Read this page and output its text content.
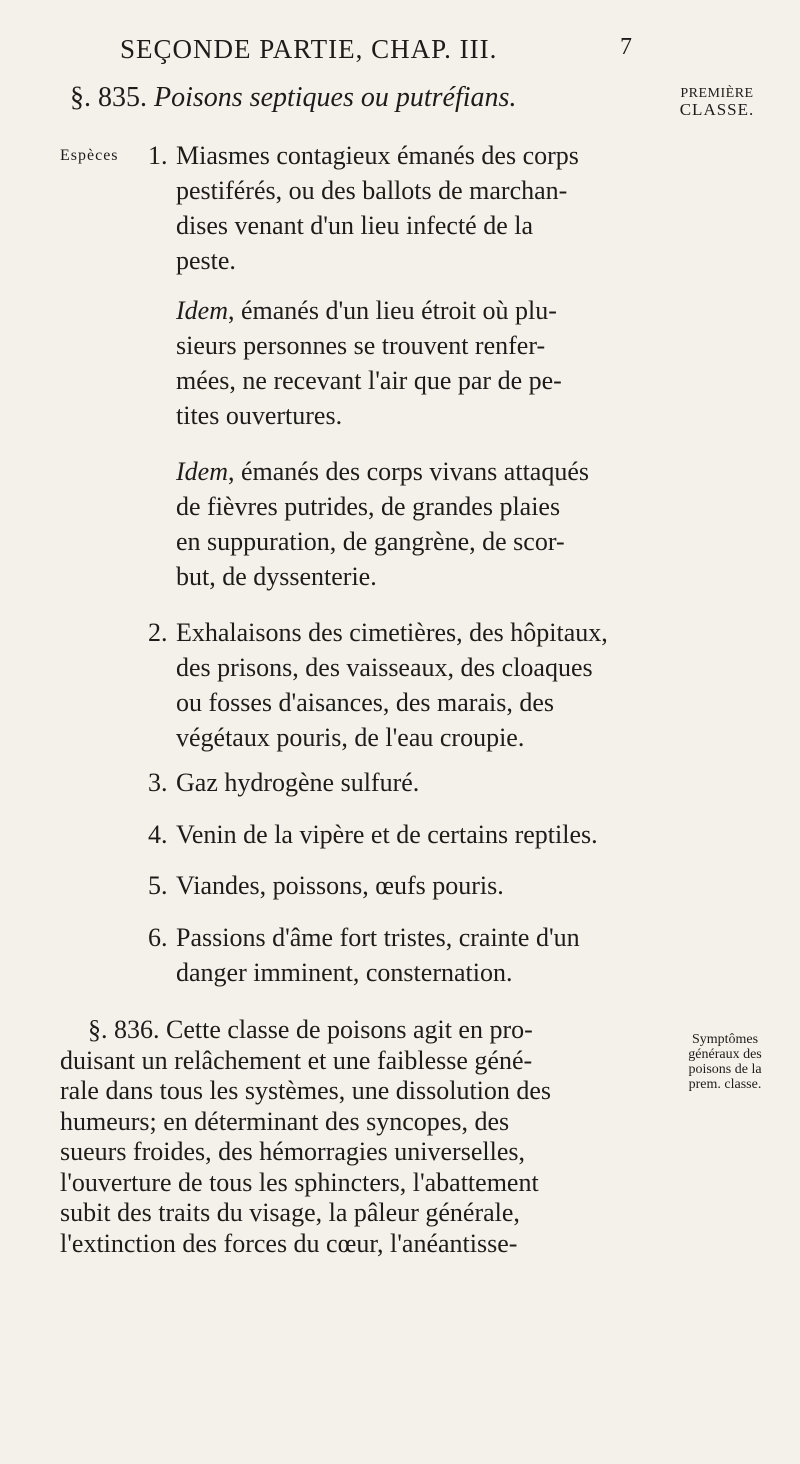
SEÇONDE PARTIE, CHAP. III.	7
§. 835. Poisons septiques ou putréfians.	PREMIÈRE
CLASSE.
Espèces 1. Miasmes contagieux émanés des corps
pestiférés, ou des ballots de marchan-
dises venant d'un lieu infecté de la
peste.
Idem, émanés d'un lieu étroit où plu-
sieurs personnes se trouvent renfer-
mées, ne recevant l'air que par de pe-
tites ouvertures.
Idem, émanés des corps vivans attaqués
de fièvres putrides, de grandes plaies
en suppuration, de gangrène, de scor-
but, de dyssenterie.
2. Exhalaisons des cimetières, des hôpitaux,
des prisons, des vaisseaux, des cloaques
ou fosses d'aisances, des marais, des
végétaux pouris, de l'eau croupie.
3. Gaz hydrogène sulfuré.
4. Venin de la vipère et de certains reptiles.
5. Viandes, poissons, œufs pouris.
6. Passions d'âme fort tristes, crainte d'un
danger imminent, consternation.
§. 836. Cette classe de poisons agit en pro-
duisant un relâchement et une faiblesse géné-
rale dans tous les systèmes, une dissolution des
humeurs; en déterminant des syncopes, des
sueurs froides, des hémorragies universelles,
l'ouverture de tous les sphincters, l'abattement
subit des traits du visage, la pâleur générale,
l'extinction des forces du cœur, l'anéantisse-
Symptômes
généraux des
poisons de la
prem. classe.
